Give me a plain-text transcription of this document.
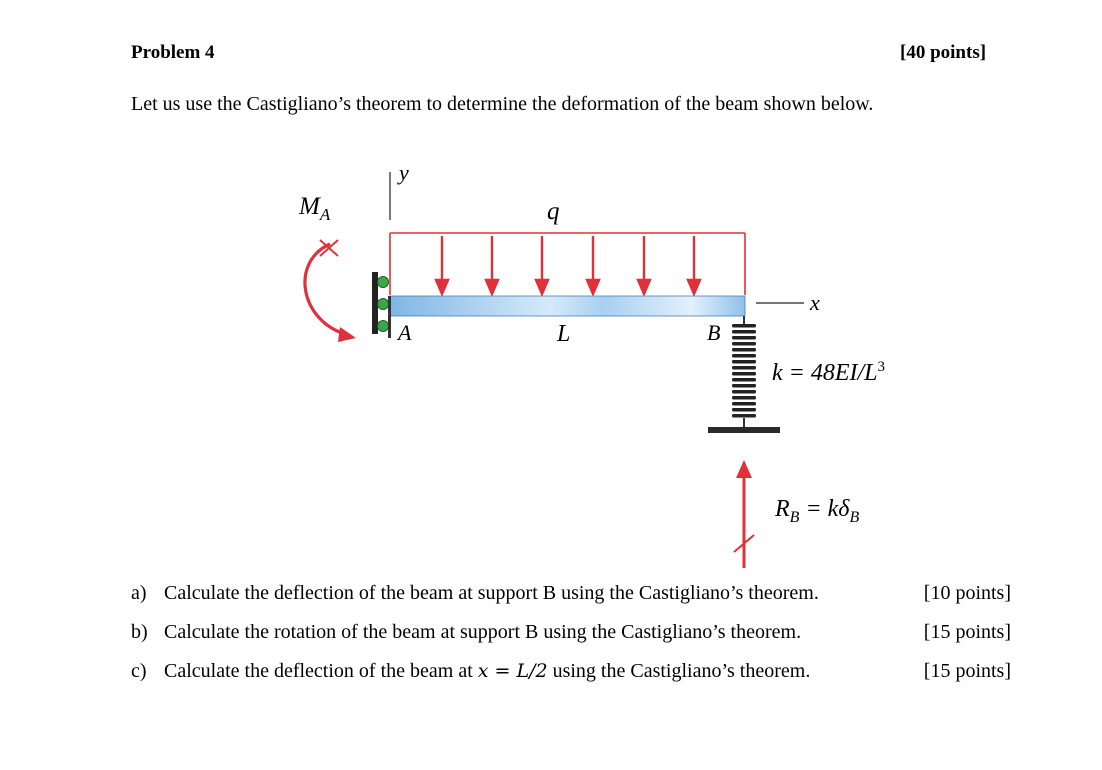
Problem 4	[40 points]
Let us use the Castigliano’s theorem to determine the deformation of the beam shown below.
y
x
$M_A$	q
A	L	B
$k = 48EI/L^3$
$R_B = k\delta_B$
a) Calculate the deflection of the beam at support B using the Castigliano’s theorem.	[10 points]
b) Calculate the rotation of the beam at support B using the Castigliano’s theorem.	[15 points]
c) Calculate the deflection of the beam at x = L/2 using the Castigliano’s theorem.	[15 points]
